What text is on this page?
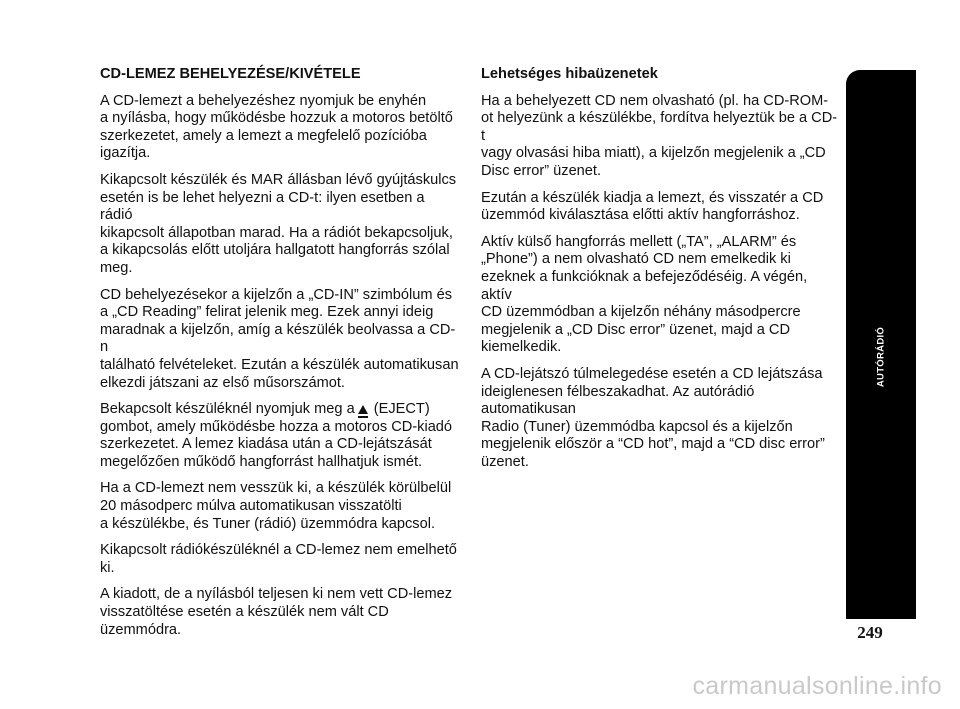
CD-LEMEZ BEHELYEZÉSE/KIVÉTELE
A CD-lemezt a behelyezéshez nyomjuk be enyhén
a nyílásba, hogy működésbe hozzuk a motoros betöltő
szerkezetet, amely a lemezt a megfelelő pozícióba
igazítja.
Kikapcsolt készülék és MAR állásban lévő gyújtáskulcs
esetén is be lehet helyezni a CD-t: ilyen esetben a rádió
kikapcsolt állapotban marad. Ha a rádiót bekapcsoljuk,
a kikapcsolás előtt utoljára hallgatott hangforrás szólal
meg.
CD behelyezésekor a kijelzőn a „CD-IN” szimbólum és
a „CD Reading” felirat jelenik meg. Ezek annyi ideig
maradnak a kijelzőn, amíg a készülék beolvassa a CD-n
található felvételeket. Ezután a készülék automatikusan
elkezdi játszani az első műsorszámot.
Bekapcsolt készüléknél nyomjuk meg a (EJECT)
gombot, amely működésbe hozza a motoros CD-kiadó
szerkezetet. A lemez kiadása után a CD-lejátszását
megelőzően működő hangforrást hallhatjuk ismét.
Ha a CD-lemezt nem vesszük ki, a készülék körülbelül
20 másodperc múlva automatikusan visszatölti
a készülékbe, és Tuner (rádió) üzemmódra kapcsol.
Kikapcsolt rádiókészüléknél a CD-lemez nem emelhető ki.
A kiadott, de a nyílásból teljesen ki nem vett CD-lemez
visszatöltése esetén a készülék nem vált CD
üzemmódra.
Lehetséges hibaüzenetek
Ha a behelyezett CD nem olvasható (pl. ha CD-ROM-
ot helyezünk a készülékbe, fordítva helyeztük be a CD-t
vagy olvasási hiba miatt), a kijelzőn megjelenik a „CD
Disc error” üzenet.
Ezután a készülék kiadja a lemezt, és visszatér a CD
üzemmód kiválasztása előtti aktív hangforráshoz.
Aktív külső hangforrás mellett („TA”, „ALARM” és
„Phone”) a nem olvasható CD nem emelkedik ki
ezeknek a funkcióknak a befejeződéséig. A végén, aktív
CD üzemmódban a kijelzőn néhány másodpercre
megjelenik a „CD Disc error” üzenet, majd a CD
kiemelkedik.
A CD-lejátszó túlmelegedése esetén a CD lejátszása
ideiglenesen félbeszakadhat. Az autórádió automatikusan
Radio (Tuner) üzemmódba kapcsol és a kijelzőn
megjelenik először a “CD hot”, majd a “CD disc error”
üzenet.
AUTÓRÁDIÓ
249
carmanualsonline.info
